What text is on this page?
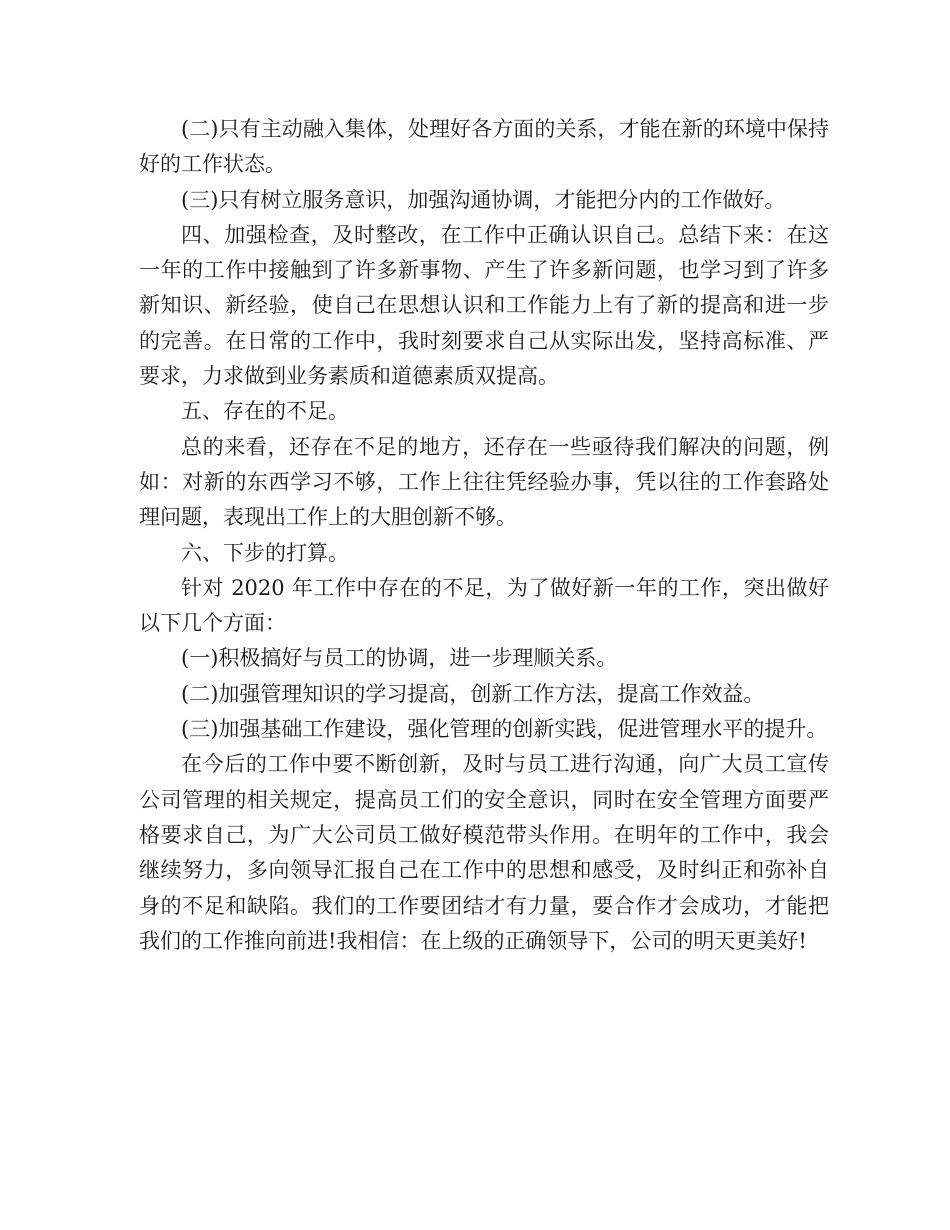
(二)只有主动融入集体，处理好各方面的关系，才能在新的环境中保持好的工作状态。

(三)只有树立服务意识，加强沟通协调，才能把分内的工作做好。

四、加强检查，及时整改，在工作中正确认识自己。总结下来：在这一年的工作中接触到了许多新事物、产生了许多新问题，也学习到了许多新知识、新经验，使自己在思想认识和工作能力上有了新的提高和进一步的完善。在日常的工作中，我时刻要求自己从实际出发，坚持高标准、严要求，力求做到业务素质和道德素质双提高。

五、存在的不足。

总的来看，还存在不足的地方，还存在一些亟待我们解决的问题，例如：对新的东西学习不够，工作上往往凭经验办事，凭以往的工作套路处理问题，表现出工作上的大胆创新不够。

六、下步的打算。

针对 2020 年工作中存在的不足，为了做好新一年的工作，突出做好以下几个方面：

(一)积极搞好与员工的协调，进一步理顺关系。

(二)加强管理知识的学习提高，创新工作方法，提高工作效益。

(三)加强基础工作建设，强化管理的创新实践，促进管理水平的提升。

在今后的工作中要不断创新，及时与员工进行沟通，向广大员工宣传公司管理的相关规定，提高员工们的安全意识，同时在安全管理方面要严格要求自己，为广大公司员工做好模范带头作用。在明年的工作中，我会继续努力，多向领导汇报自己在工作中的思想和感受，及时纠正和弥补自身的不足和缺陷。我们的工作要团结才有力量，要合作才会成功，才能把我们的工作推向前进!我相信：在上级的正确领导下，公司的明天更美好!
